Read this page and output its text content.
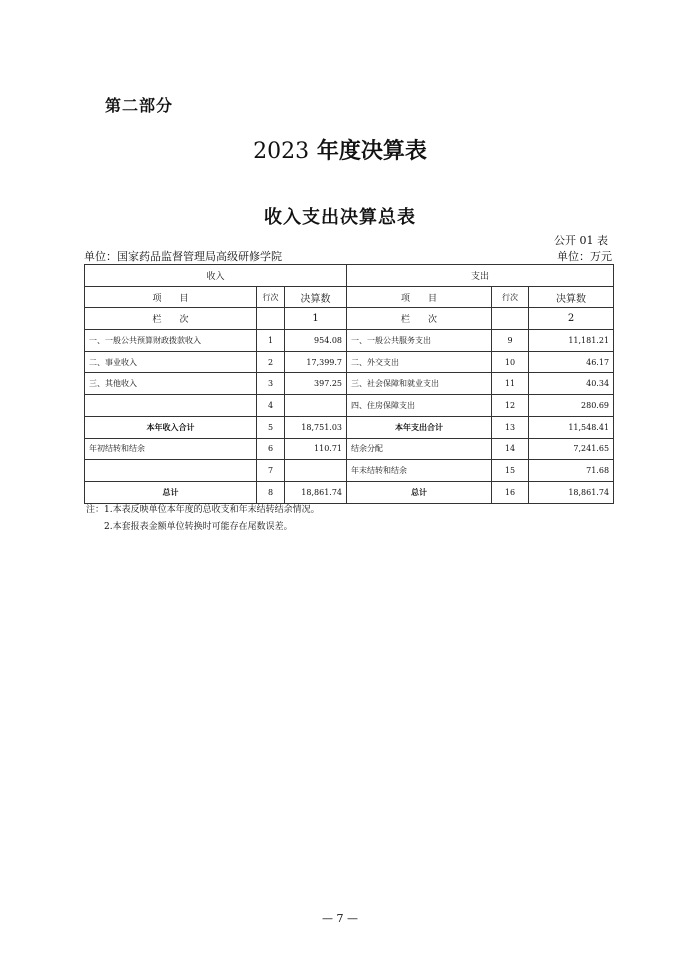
第二部分
2023 年度决算表
收入支出决算总表
公开 01 表
单位：国家药品监督管理局高级研修学院	单位：万元
收入			支出		
项　　目	行次	决算数	项　　目	行次	决算数
栏　　次		1	栏　　次		2
一、一般公共预算财政拨款收入	1	954.08	一、一般公共服务支出	9	11,181.21
二、事业收入	2	17,399.7	二、外交支出	10	46.17
三、其他收入	3	397.25	三、社会保障和就业支出	11	40.34
	4		四、住房保障支出	12	280.69
本年收入合计	5	18,751.03	本年支出合计	13	11,548.41
年初结转和结余	6	110.71	结余分配	14	7,241.65
	7		年末结转和结余	15	71.68
总计	8	18,861.74	总计	16	18,861.74
注：1.本表反映单位本年度的总收支和年末结转结余情况。
2.本套报表金额单位转换时可能存在尾数误差。
— 7 —
